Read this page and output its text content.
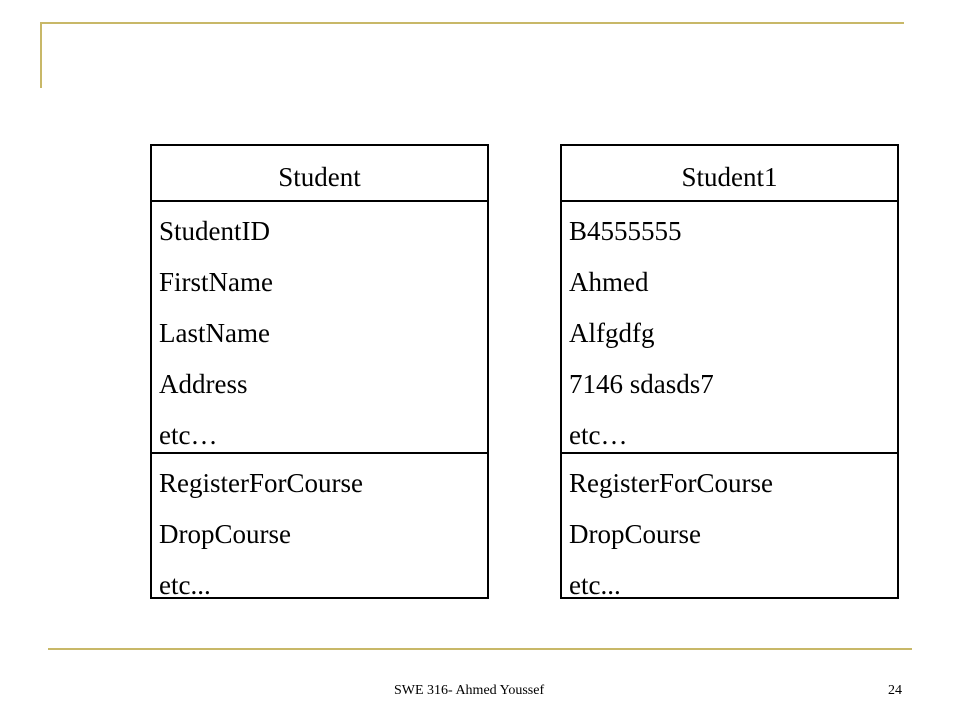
Student
StudentID
FirstName
LastName
Address
etc…
RegisterForCourse
DropCourse
etc...
Student1
B4555555
Ahmed
Alfgdfg
7146 sdasds7
etc…
RegisterForCourse
DropCourse
etc...
SWE 316- Ahmed Youssef	24
